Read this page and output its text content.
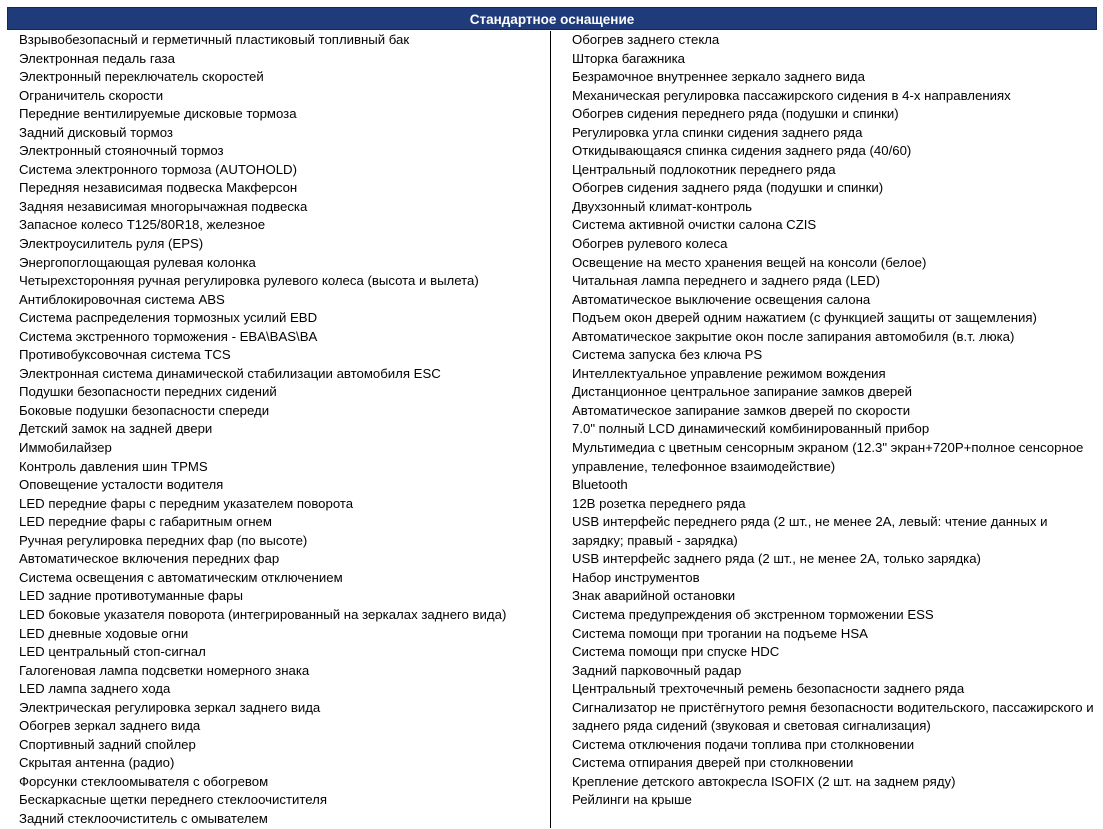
Стандартное оснащение
Взрывобезопасный и герметичный пластиковый топливный бак
Электронная педаль газа
Электронный переключатель скоростей
Ограничитель скорости
Передние вентилируемые дисковые тормоза
Задний дисковый тормоз
Электронный стояночный тормоз
Система электронного тормоза (AUTOHOLD)
Передняя независимая подвеска Макферсон
Задняя независимая многорычажная подвеска
Запасное колесо T125/80R18, железное
Электроусилитель руля (EPS)
Энергопоглощающая рулевая колонка
Четырехсторонняя ручная регулировка рулевого колеса (высота и вылета)
Антиблокировочная система ABS
Система распределения тормозных усилий EBD
Система экстренного торможения - EBA\BAS\BA
Противобуксовочная система TCS
Электронная система динамической стабилизации автомобиля ESC
Подушки безопасности передних сидений
Боковые подушки безопасности спереди
Детский замок на задней двери
Иммобилайзер
Контроль давления шин TPMS
Оповещение усталости водителя
LED передние фары с передним указателем поворота
LED передние фары с габаритным огнем
Ручная регулировка передних фар (по высоте)
Автоматическое включения передних фар
Система освещения с автоматическим отключением
LED задние противотуманные фары
LED боковые указателя поворота (интегрированный на зеркалах заднего вида)
LED дневные ходовые огни
LED центральный стоп-сигнал
Галогеновая лампа подсветки номерного знака
LED лампа заднего хода
Электрическая регулировка зеркал заднего вида
Обогрев зеркал заднего вида
Спортивный задний спойлер
Скрытая антенна (радио)
Форсунки стеклоомывателя с обогревом
Бескаркасные щетки переднего стеклоочистителя
Задний стеклоочиститель с омывателем
Обогрев заднего стекла
Шторка багажника
Безрамочное внутреннее зеркало заднего вида
Механическая регулировка пассажирского сидения в 4-х направлениях
Обогрев сидения переднего ряда (подушки и спинки)
Регулировка угла спинки сидения заднего ряда
Откидывающаяся спинка сидения заднего ряда (40/60)
Центральный подлокотник переднего ряда
Обогрев сидения заднего ряда (подушки и спинки)
Двухзонный климат-контроль
Система активной очистки салона CZIS
Обогрев рулевого колеса
Освещение на место хранения вещей на консоли (белое)
Читальная лампа переднего и заднего ряда (LED)
Автоматическое выключение освещения салона
Подъем окон дверей одним нажатием (с функцией защиты от защемления)
Автоматическое закрытие окон после запирания автомобиля (в.т. люка)
Система запуска без ключа PS
Интеллектуальное управление режимом вождения
Дистанционное центральное запирание замков дверей
Автоматическое запирание замков дверей по скорости
7.0" полный LCD динамический комбинированный прибор
Мультимедиа с цветным сенсорным экраном (12.3" экран+720P+полное сенсорное управление, телефонное взаимодействие)
Bluetooth
12В розетка переднего ряда
USB интерфейс переднего ряда (2 шт., не менее 2А, левый: чтение данных и зарядку; правый - зарядка)
USB интерфейс заднего ряда (2 шт., не менее 2А, только зарядка)
Набор инструментов
Знак аварийной остановки
Система предупреждения об экстренном торможении ESS
Система помощи при трогании на подъеме HSA
Система помощи при спуске HDC
Задний парковочный радар
Центральный трехточечный ремень безопасности заднего ряда
Сигнализатор не пристёгнутого ремня безопасности водительского, пассажирского и заднего ряда сидений (звуковая и световая сигнализация)
Система отключения подачи топлива при столкновении
Система отпирания дверей при столкновении
Крепление детского автокресла ISOFIX (2 шт. на заднем ряду)
Рейлинги на крыше
